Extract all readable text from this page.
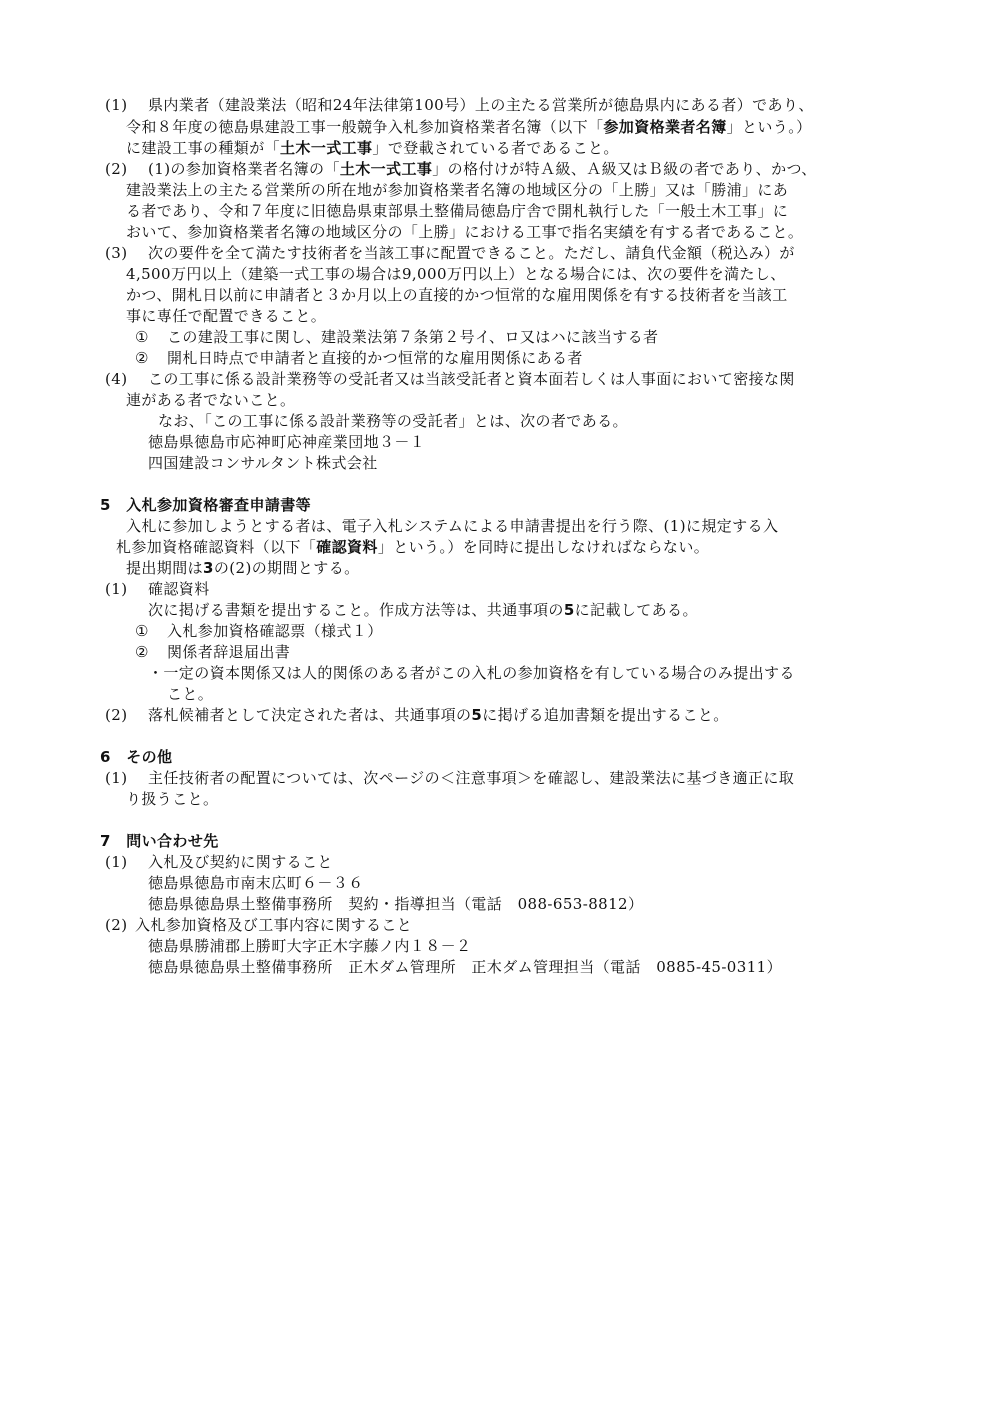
(1) 県内業者（建設業法（昭和24年法律第100号）上の主たる営業所が徳島県内にある者）であり、
令和８年度の徳島県建設工事一般競争入札参加資格業者名簿（以下「参加資格業者名簿」という。）
に建設工事の種類が「土木一式工事」で登載されている者であること。
(2) (1)の参加資格業者名簿の「土木一式工事」の格付けが特Ａ級、Ａ級又はＢ級の者であり、かつ、
建設業法上の主たる営業所の所在地が参加資格業者名簿の地域区分の「上勝」又は「勝浦」にあ
る者であり、令和７年度に旧徳島県東部県土整備局徳島庁舎で開札執行した「一般土木工事」に
おいて、参加資格業者名簿の地域区分の「上勝」における工事で指名実績を有する者であること。
(3) 次の要件を全て満たす技術者を当該工事に配置できること。ただし、請負代金額（税込み）が
4,500万円以上（建築一式工事の場合は9,000万円以上）となる場合には、次の要件を満たし、
かつ、開札日以前に申請者と３か月以上の直接的かつ恒常的な雇用関係を有する技術者を当該工
事に専任で配置できること。
① この建設工事に関し、建設業法第７条第２号イ、ロ又はハに該当する者
② 開札日時点で申請者と直接的かつ恒常的な雇用関係にある者
(4) この工事に係る設計業務等の受託者又は当該受託者と資本面若しくは人事面において密接な関
連がある者でないこと。
なお、「この工事に係る設計業務等の受託者」とは、次の者である。
徳島県徳島市応神町応神産業団地３－１
四国建設コンサルタント株式会社
5　入札参加資格審査申請書等
入札に参加しようとする者は、電子入札システムによる申請書提出を行う際、(1)に規定する入
札参加資格確認資料（以下「確認資料」という。）を同時に提出しなければならない。
提出期間は3の(2)の期間とする。
(1) 確認資料
次に掲げる書類を提出すること。作成方法等は、共通事項の5に記載してある。
① 入札参加資格確認票（様式１）
② 関係者辞退届出書
・一定の資本関係又は人的関係のある者がこの入札の参加資格を有している場合のみ提出する
こと。
(2) 落札候補者として決定された者は、共通事項の5に掲げる追加書類を提出すること。
6　その他
(1) 主任技術者の配置については、次ページの＜注意事項＞を確認し、建設業法に基づき適正に取
り扱うこと。
7　問い合わせ先
(1) 入札及び契約に関すること
徳島県徳島市南末広町６－３６
徳島県徳島県土整備事務所　契約・指導担当（電話　088-653-8812）
(2) 入札参加資格及び工事内容に関すること
徳島県勝浦郡上勝町大字正木字藤ノ内１８－２
徳島県徳島県土整備事務所　正木ダム管理所　正木ダム管理担当（電話　0885-45-0311）
